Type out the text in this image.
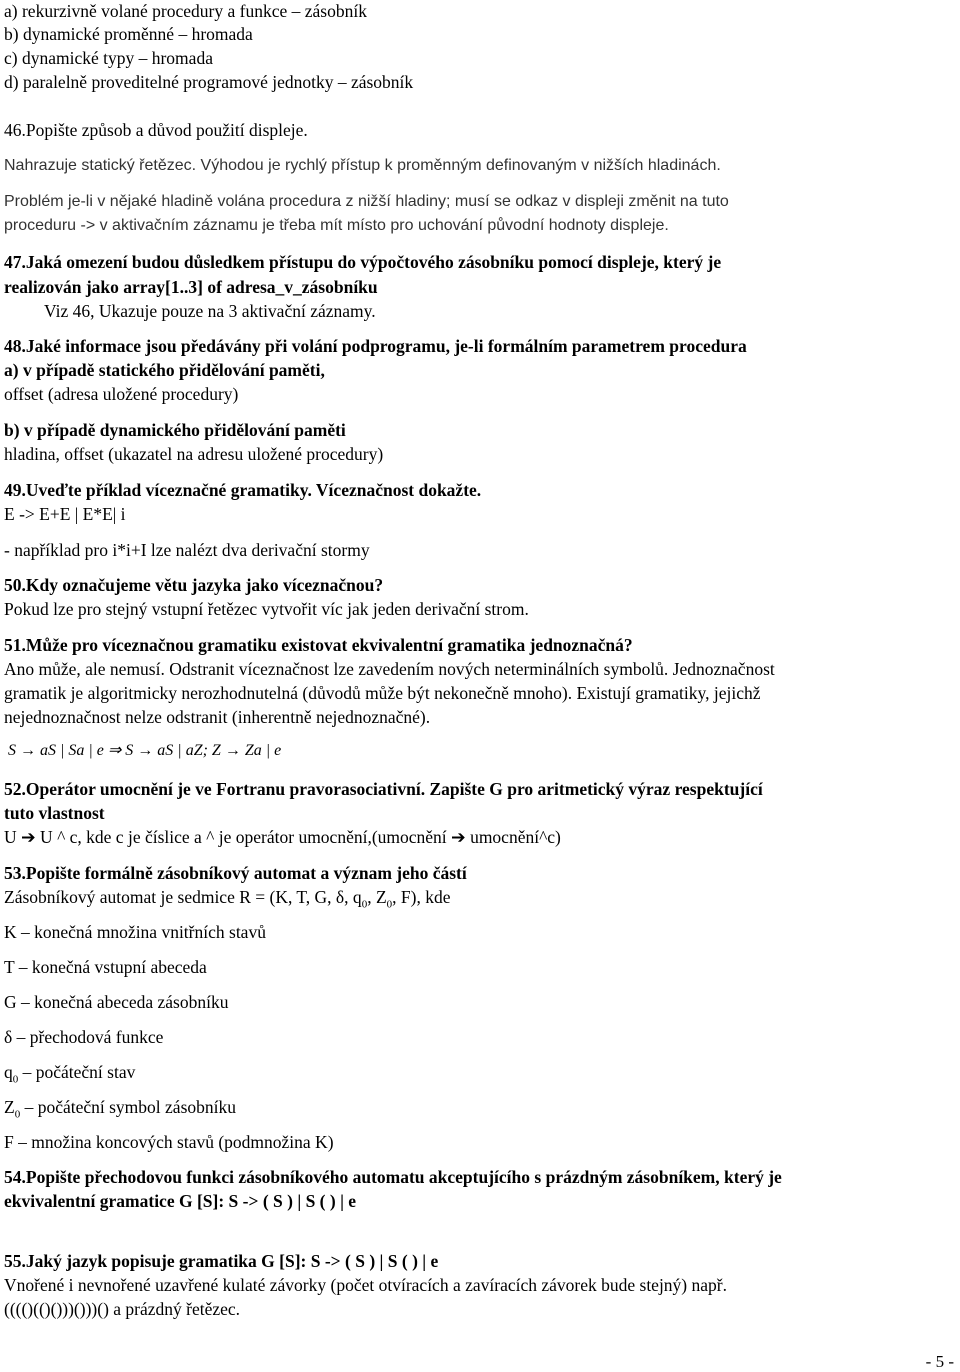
a) rekurzivně volané procedury a funkce – zásobník
b) dynamické proměnné – hromada
c) dynamické typy – hromada
d) paralelně proveditelné programové jednotky – zásobník
46.Popište způsob a důvod použití displeje.
Nahrazuje statický řetězec. Výhodou je rychlý přístup k proměnným definovaným v nižších hladinách.
Problém je-li v nějaké hladině volána procedura z nižší hladiny; musí se odkaz v displeji změnit na tuto
proceduru -> v aktivačním záznamu je třeba mít místo pro uchování původní hodnoty displeje.
47.Jaká omezení budou důsledkem přístupu do výpočtového zásobníku pomocí displeje, který je
realizován jako array[1..3] of adresa_v_zásobníku
Viz 46, Ukazuje pouze na 3 aktivační záznamy.
48.Jaké informace jsou předávány při volání podprogramu, je-li formálním parametrem procedura
a) v případě statického přidělování paměti,
offset (adresa uložené procedury)
b) v případě dynamického přidělování paměti
hladina, offset (ukazatel na adresu uložené procedury)
49.Uveďte příklad víceznačné gramatiky. Víceznačnost dokažte.
E -> E+E | E*E| i
- například pro i*i+I lze nalézt dva derivační stormy
50.Kdy označujeme větu jazyka jako víceznačnou?
Pokud lze pro stejný vstupní řetězec vytvořit víc jak jeden derivační strom.
51.Může pro víceznačnou gramatiku existovat ekvivalentní gramatika jednoznačná?
Ano může, ale nemusí. Odstranit víceznačnost lze zavedením nových neterminálních symbolů. Jednoznačnost
gramatik je algoritmicky nerozhodnutelná (důvodů může být nekonečně mnoho). Existují gramatiky, jejichž
nejednoznačnost nelze odstranit (inherentně nejednoznačné).
S → aS | Sa | e ⇒ S → aS | aZ; Z → Za | e
52.Operátor umocnění je ve Fortranu pravorasociativní. Zapište G pro aritmetický výraz respektující
tuto vlastnost
U ➔ U ^ c, kde c je číslice a ^ je operátor umocnění,(umocnění ➔ umocnění^c)
53.Popište formálně zásobníkový automat a význam jeho částí
Zásobníkový automat je sedmice R = (K, T, G, δ, $q_0$, $Z_0$, F), kde
K – konečná množina vnitřních stavů
T – konečná vstupní abeceda
G – konečná abeceda zásobníku
δ – přechodová funkce
$q_0$ – počáteční stav
$Z_0$ – počáteční symbol zásobníku
F – množina koncových stavů (podmnožina K)
54.Popište přechodovou funkci zásobníkového automatu akceptujícího s prázdným zásobníkem, který je
ekvivalentní gramatice G [S]: S -> ( S ) | S ( ) | e
55.Jaký jazyk popisuje gramatika G [S]: S -> ( S ) | S ( ) | e
Vnořené i nevnořené uzavřené kulaté závorky (počet otvíracích a zavíracích závorek bude stejný) např.
(((()(()()))()))() a prázdný řetězec.
- 5 -
